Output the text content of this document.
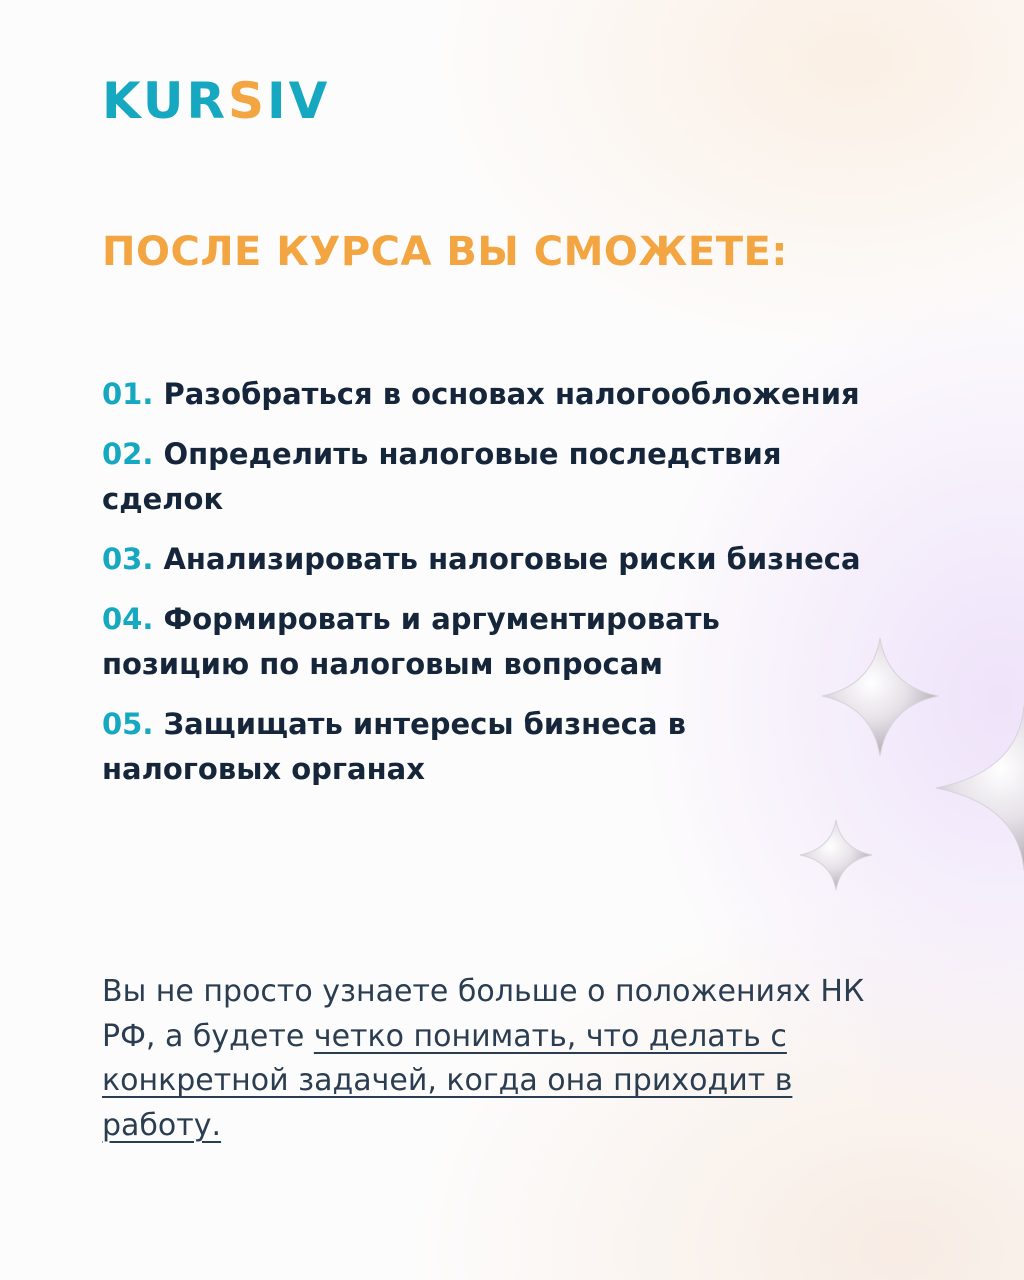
KURSIV
ПОСЛЕ КУРСА ВЫ СМОЖЕТЕ:
01. Разобраться в основах налогообложения
02. Определить налоговые последствия сделок
03. Анализировать налоговые риски бизнеса
04. Формировать и аргументировать позицию по налоговым вопросам
05. Защищать интересы бизнеса в налоговых органах

Вы не просто узнаете больше о положениях НК РФ, а будете четко понимать, что делать с конкретной задачей, когда она приходит в работу.
